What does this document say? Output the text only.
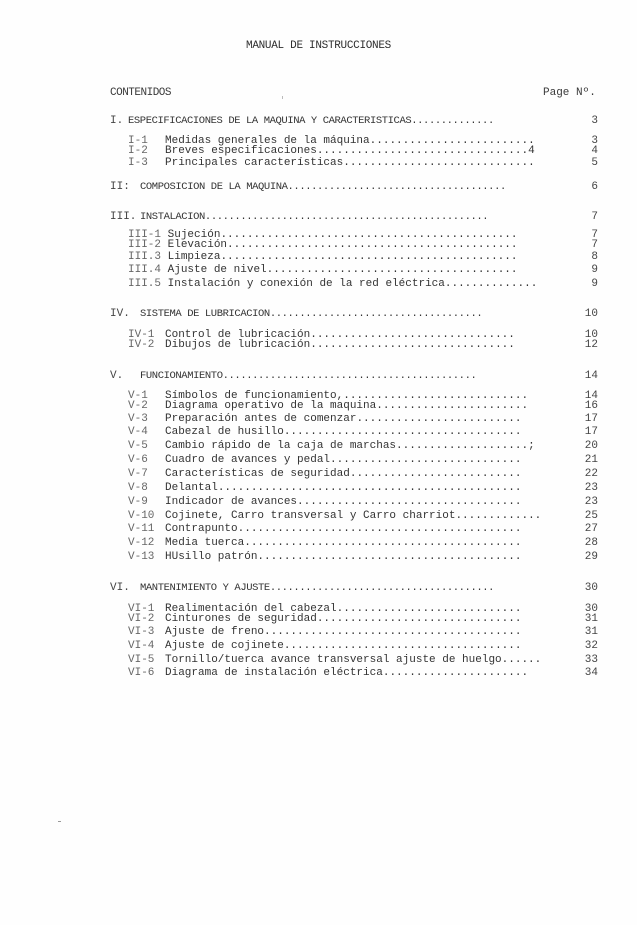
MANUAL DE INSTRUCCIONES
CONTENIDOS	Page Nº.
I. ESPECIFICACIONES DE LA MAQUINA Y CARACTERISTICAS..............	3
I-1 Medidas generales de la máquina.........................	3
I-2 Breves especificaciones................................4	4
I-3 Principales características.............................	5
II: COMPOSICION DE LA MAQUINA.....................................	6
III. INSTALACION................................................	7
III-1 Sujeción.............................................	7
III-2 Elevación............................................	7
III.3 Limpieza.............................................	8
III.4 Ajuste de nivel......................................	9
III.5 Instalación y conexión de la red eléctrica..............	9
IV. SISTEMA DE LUBRICACION....................................	10
IV-1 Control de lubricación...............................	10
IV-2 Dibujos de lubricación...............................	12
V. FUNCIONAMIENTO...........................................	14
V-1 Símbolos de funcionamiento,............................	14
V-2 Diagrama operativo de la maquina.......................	16
V-3 Preparación antes de comenzar.........................	17
V-4 Cabezal de husillo....................................	17
V-5 Cambio rápido de la caja de marchas....................;	20
V-6 Cuadro de avances y pedal.............................	21
V-7 Características de seguridad..........................	22
V-8 Delantal..............................................	23
V-9 Indicador de avances..................................	23
V-10 Cojinete, Carro transversal y Carro charriot.............	25
V-11 Contrapunto...........................................	27
V-12 Media tuerca..........................................	28
V-13 HUsillo patrón........................................	29
VI. MANTENIMIENTO Y AJUSTE......................................	30
VI-1 Realimentación del cabezal............................	30
VI-2 Cinturones de seguridad...............................	31
VI-3 Ajuste de freno.......................................	31
VI-4 Ajuste de cojinete....................................	32
VI-5 Tornillo/tuerca avance transversal ajuste de huelgo......	33
VI-6 Diagrama de instalación eléctrica......................	34
